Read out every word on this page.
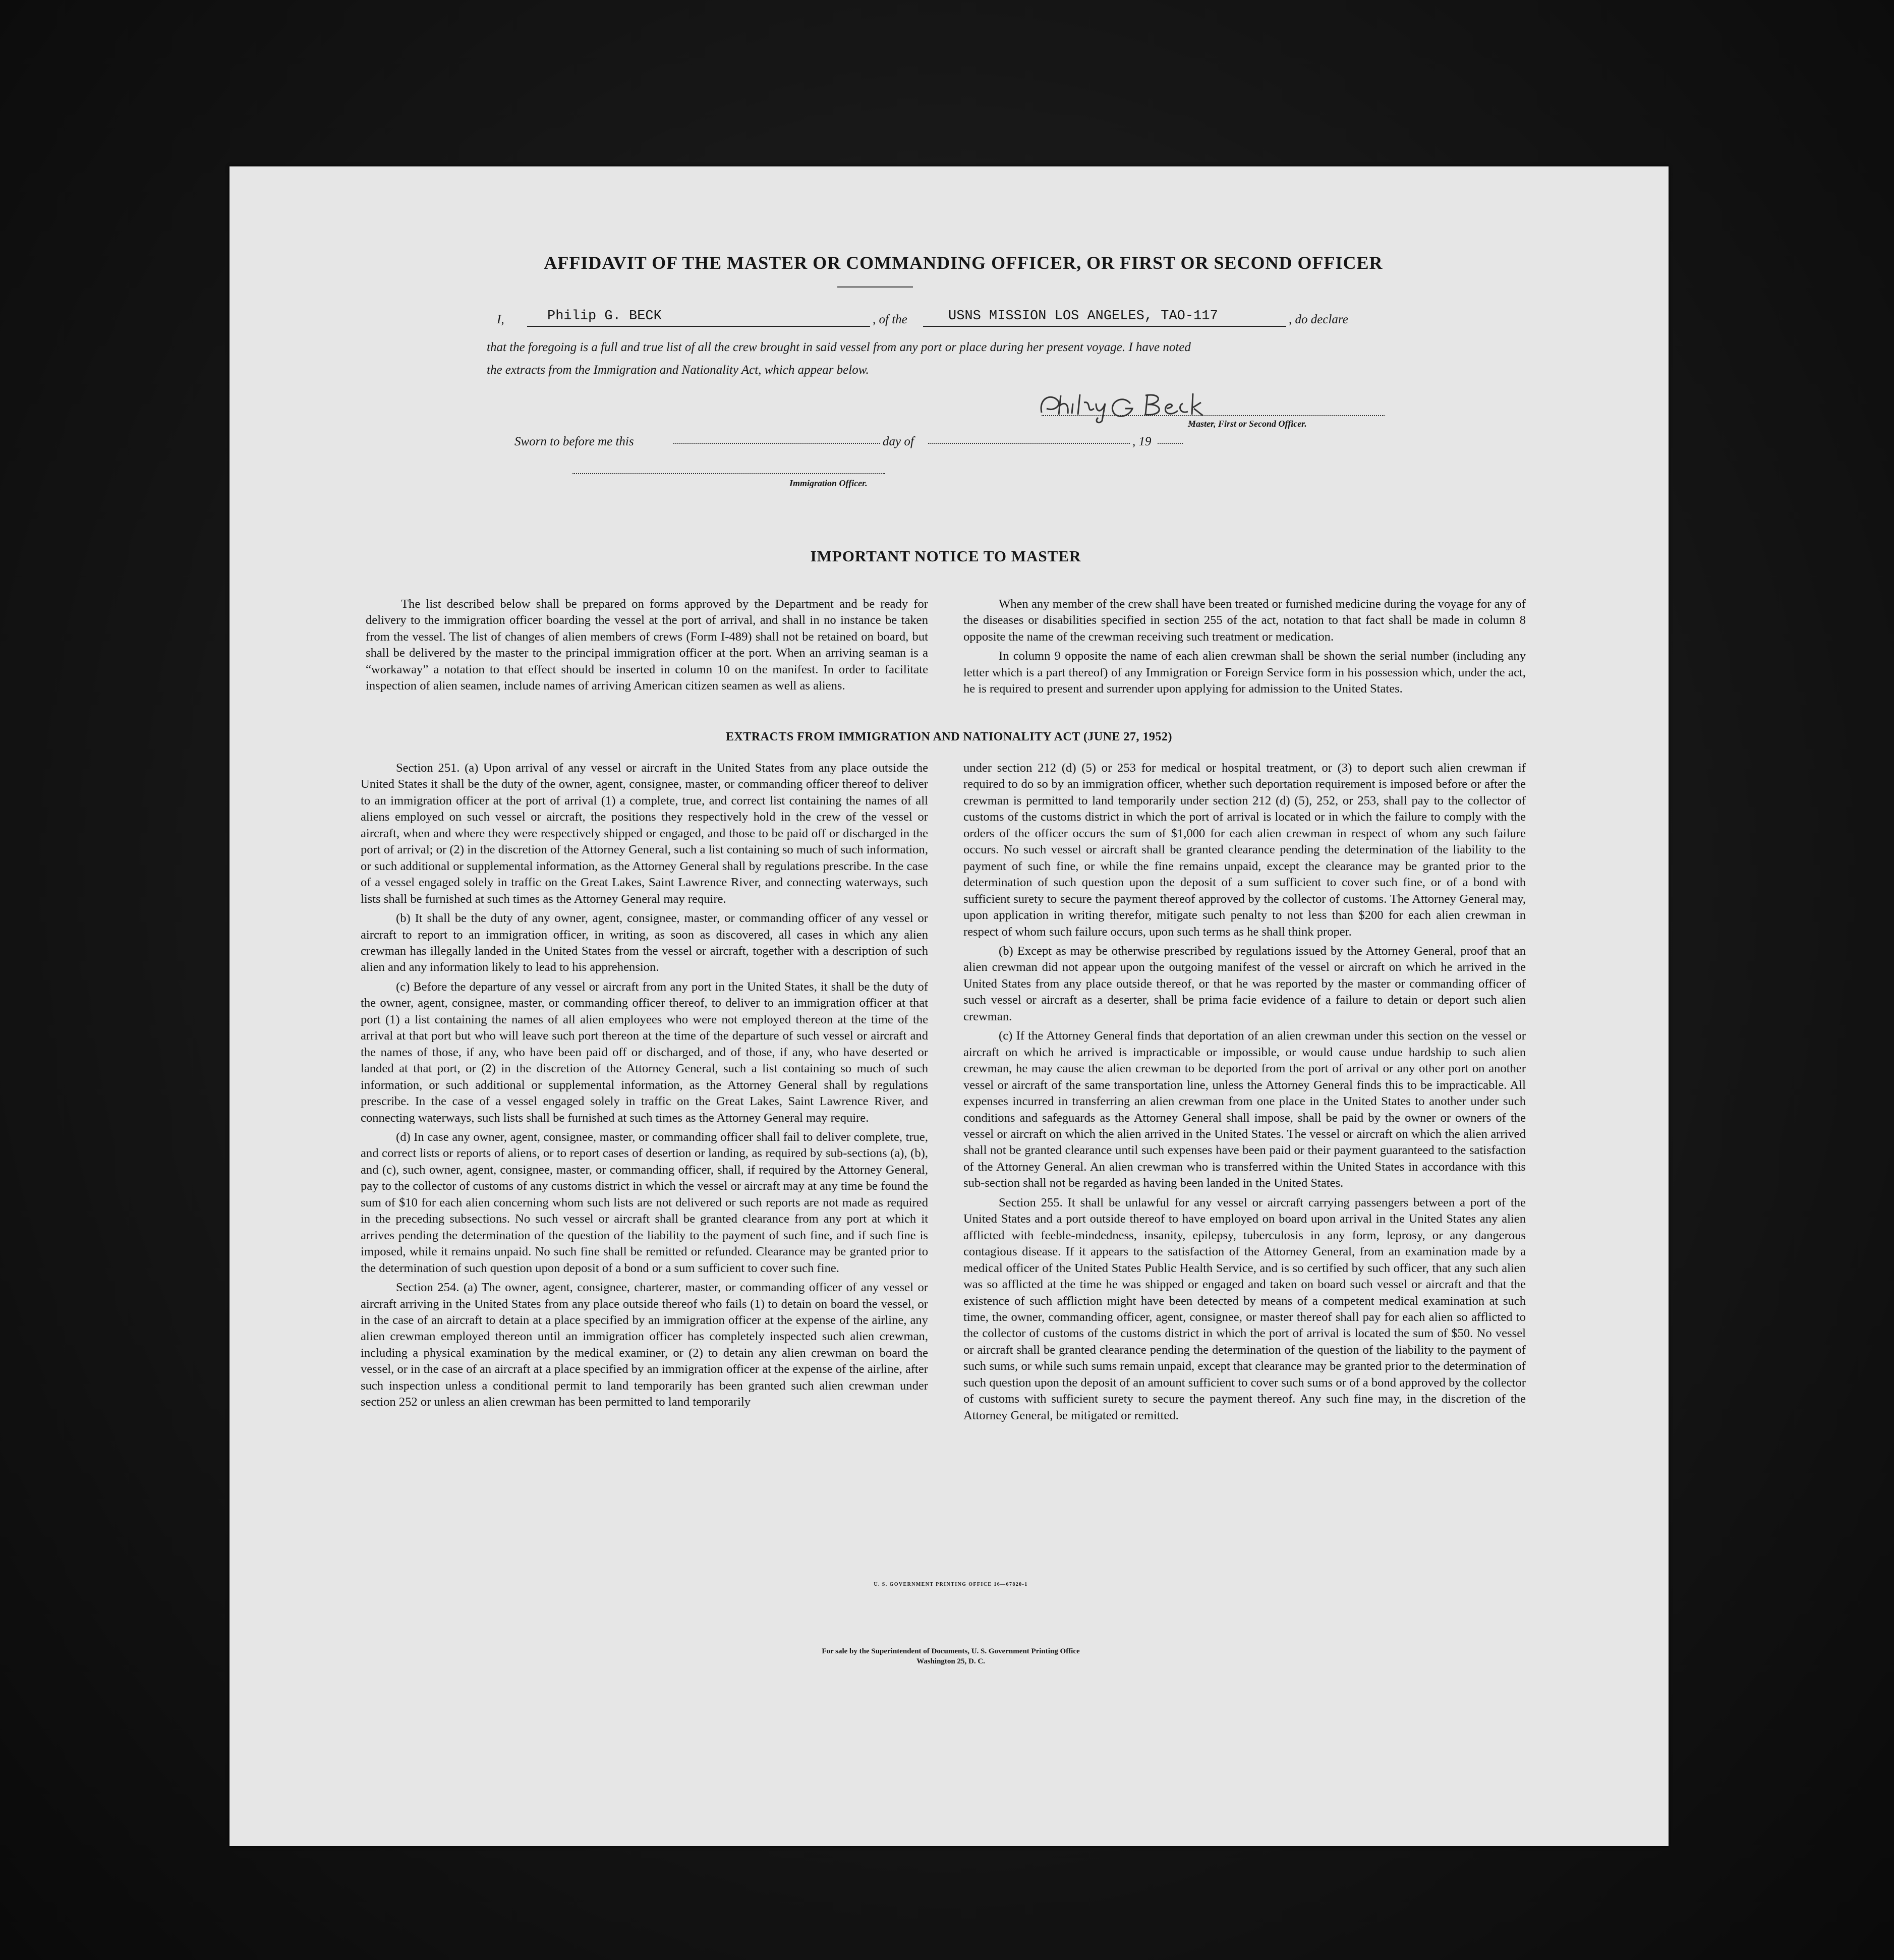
AFFIDAVIT OF THE MASTER OR COMMANDING OFFICER, OR FIRST OR SECOND OFFICER
I,	Philip G. BECK	, of the	USNS MISSION LOS ANGELES, TAO-117	, do declare
that the foregoing is a full and true list of all the crew brought in said vessel from any port or place during her present voyage. I have noted
the extracts from the Immigration and Nationality Act, which appear below.
Master, First or Second Officer.
Sworn to before me this	day of	, 19
Immigration Officer.
IMPORTANT NOTICE TO MASTER

The list described below shall be prepared on forms approved by the Department and be ready for delivery to the immigration officer boarding the vessel at the port of arrival, and shall in no instance be taken from the vessel. The list of changes of alien members of crews (Form I-489) shall not be retained on board, but shall be delivered by the master to the principal immigration officer at the port. When an arriving seaman is a “workaway” a notation to that effect should be inserted in column 10 on the manifest. In order to facilitate inspection of alien seamen, include names of arriving American citizen seamen as well as aliens.

When any member of the crew shall have been treated or furnished medicine during the voyage for any of the diseases or disabilities specified in section 255 of the act, notation to that fact shall be made in column 8 opposite the name of the crewman receiving such treatment or medication.

In column 9 opposite the name of each alien crewman shall be shown the serial number (including any letter which is a part thereof) of any Immigration or Foreign Service form in his possession which, under the act, he is required to present and surrender upon applying for admission to the United States.

EXTRACTS FROM IMMIGRATION AND NATIONALITY ACT (JUNE 27, 1952)

Section 251. (a) Upon arrival of any vessel or aircraft in the United States from any place outside the United States it shall be the duty of the owner, agent, consignee, master, or commanding officer thereof to deliver to an immigration officer at the port of arrival (1) a complete, true, and correct list containing the names of all aliens employed on such vessel or aircraft, the positions they respectively hold in the crew of the vessel or aircraft, when and where they were respectively shipped or engaged, and those to be paid off or discharged in the port of arrival; or (2) in the discretion of the Attorney General, such a list containing so much of such information, or such additional or supplemental information, as the Attorney General shall by regulations prescribe. In the case of a vessel engaged solely in traffic on the Great Lakes, Saint Lawrence River, and connecting waterways, such lists shall be furnished at such times as the Attorney General may require.

(b) It shall be the duty of any owner, agent, consignee, master, or commanding officer of any vessel or aircraft to report to an immigration officer, in writing, as soon as discovered, all cases in which any alien crewman has illegally landed in the United States from the vessel or aircraft, together with a description of such alien and any information likely to lead to his apprehension.

(c) Before the departure of any vessel or aircraft from any port in the United States, it shall be the duty of the owner, agent, consignee, master, or commanding officer thereof, to deliver to an immigration officer at that port (1) a list containing the names of all alien employees who were not employed thereon at the time of the arrival at that port but who will leave such port thereon at the time of the departure of such vessel or aircraft and the names of those, if any, who have been paid off or discharged, and of those, if any, who have deserted or landed at that port, or (2) in the discretion of the Attorney General, such a list containing so much of such information, or such additional or supplemental information, as the Attorney General shall by regulations prescribe. In the case of a vessel engaged solely in traffic on the Great Lakes, Saint Lawrence River, and connecting waterways, such lists shall be furnished at such times as the Attorney General may require.

(d) In case any owner, agent, consignee, master, or commanding officer shall fail to deliver complete, true, and correct lists or reports of aliens, or to report cases of desertion or landing, as required by sub-sections (a), (b), and (c), such owner, agent, consignee, master, or commanding officer, shall, if required by the Attorney General, pay to the collector of customs of any customs district in which the vessel or aircraft may at any time be found the sum of $10 for each alien concerning whom such lists are not delivered or such reports are not made as required in the preceding subsections. No such vessel or aircraft shall be granted clearance from any port at which it arrives pending the determination of the question of the liability to the payment of such fine, and if such fine is imposed, while it remains unpaid. No such fine shall be remitted or refunded. Clearance may be granted prior to the determination of such question upon deposit of a bond or a sum sufficient to cover such fine.

Section 254. (a) The owner, agent, consignee, charterer, master, or commanding officer of any vessel or aircraft arriving in the United States from any place outside thereof who fails (1) to detain on board the vessel, or in the case of an aircraft to detain at a place specified by an immigration officer at the expense of the airline, any alien crewman employed thereon until an immigration officer has completely inspected such alien crewman, including a physical examination by the medical examiner, or (2) to detain any alien crewman on board the vessel, or in the case of an aircraft at a place specified by an immigration officer at the expense of the airline, after such inspection unless a conditional permit to land temporarily has been granted such alien crewman under section 252 or unless an alien crewman has been permitted to land temporarily

under section 212 (d) (5) or 253 for medical or hospital treatment, or (3) to deport such alien crewman if required to do so by an immigration officer, whether such deportation requirement is imposed before or after the crewman is permitted to land temporarily under section 212 (d) (5), 252, or 253, shall pay to the collector of customs of the customs district in which the port of arrival is located or in which the failure to comply with the orders of the officer occurs the sum of $1,000 for each alien crewman in respect of whom any such failure occurs. No such vessel or aircraft shall be granted clearance pending the determination of the liability to the payment of such fine, or while the fine remains unpaid, except the clearance may be granted prior to the determination of such question upon the deposit of a sum sufficient to cover such fine, or of a bond with sufficient surety to secure the payment thereof approved by the collector of customs. The Attorney General may, upon application in writing therefor, mitigate such penalty to not less than $200 for each alien crewman in respect of whom such failure occurs, upon such terms as he shall think proper.

(b) Except as may be otherwise prescribed by regulations issued by the Attorney General, proof that an alien crewman did not appear upon the outgoing manifest of the vessel or aircraft on which he arrived in the United States from any place outside thereof, or that he was reported by the master or commanding officer of such vessel or aircraft as a deserter, shall be prima facie evidence of a failure to detain or deport such alien crewman.

(c) If the Attorney General finds that deportation of an alien crewman under this section on the vessel or aircraft on which he arrived is impracticable or impossible, or would cause undue hardship to such alien crewman, he may cause the alien crewman to be deported from the port of arrival or any other port on another vessel or aircraft of the same transportation line, unless the Attorney General finds this to be impracticable. All expenses incurred in transferring an alien crewman from one place in the United States to another under such conditions and safeguards as the Attorney General shall impose, shall be paid by the owner or owners of the vessel or aircraft on which the alien arrived in the United States. The vessel or aircraft on which the alien arrived shall not be granted clearance until such expenses have been paid or their payment guaranteed to the satisfaction of the Attorney General. An alien crewman who is transferred within the United States in accordance with this sub-section shall not be regarded as having been landed in the United States.

Section 255. It shall be unlawful for any vessel or aircraft carrying passengers between a port of the United States and a port outside thereof to have employed on board upon arrival in the United States any alien afflicted with feeble-mindedness, insanity, epilepsy, tuberculosis in any form, leprosy, or any dangerous contagious disease. If it appears to the satisfaction of the Attorney General, from an examination made by a medical officer of the United States Public Health Service, and is so certified by such officer, that any such alien was so afflicted at the time he was shipped or engaged and taken on board such vessel or aircraft and that the existence of such affliction might have been detected by means of a competent medical examination at such time, the owner, commanding officer, agent, consignee, or master thereof shall pay for each alien so afflicted to the collector of customs of the customs district in which the port of arrival is located the sum of $50. No vessel or aircraft shall be granted clearance pending the determination of the question of the liability to the payment of such sums, or while such sums remain unpaid, except that clearance may be granted prior to the determination of such question upon the deposit of an amount sufficient to cover such sums or of a bond approved by the collector of customs with sufficient surety to secure the payment thereof. Any such fine may, in the discretion of the Attorney General, be mitigated or remitted.

U. S. GOVERNMENT PRINTING OFFICE 16—67820-1
For sale by the Superintendent of Documents, U. S. Government Printing Office
Washington 25, D. C.
